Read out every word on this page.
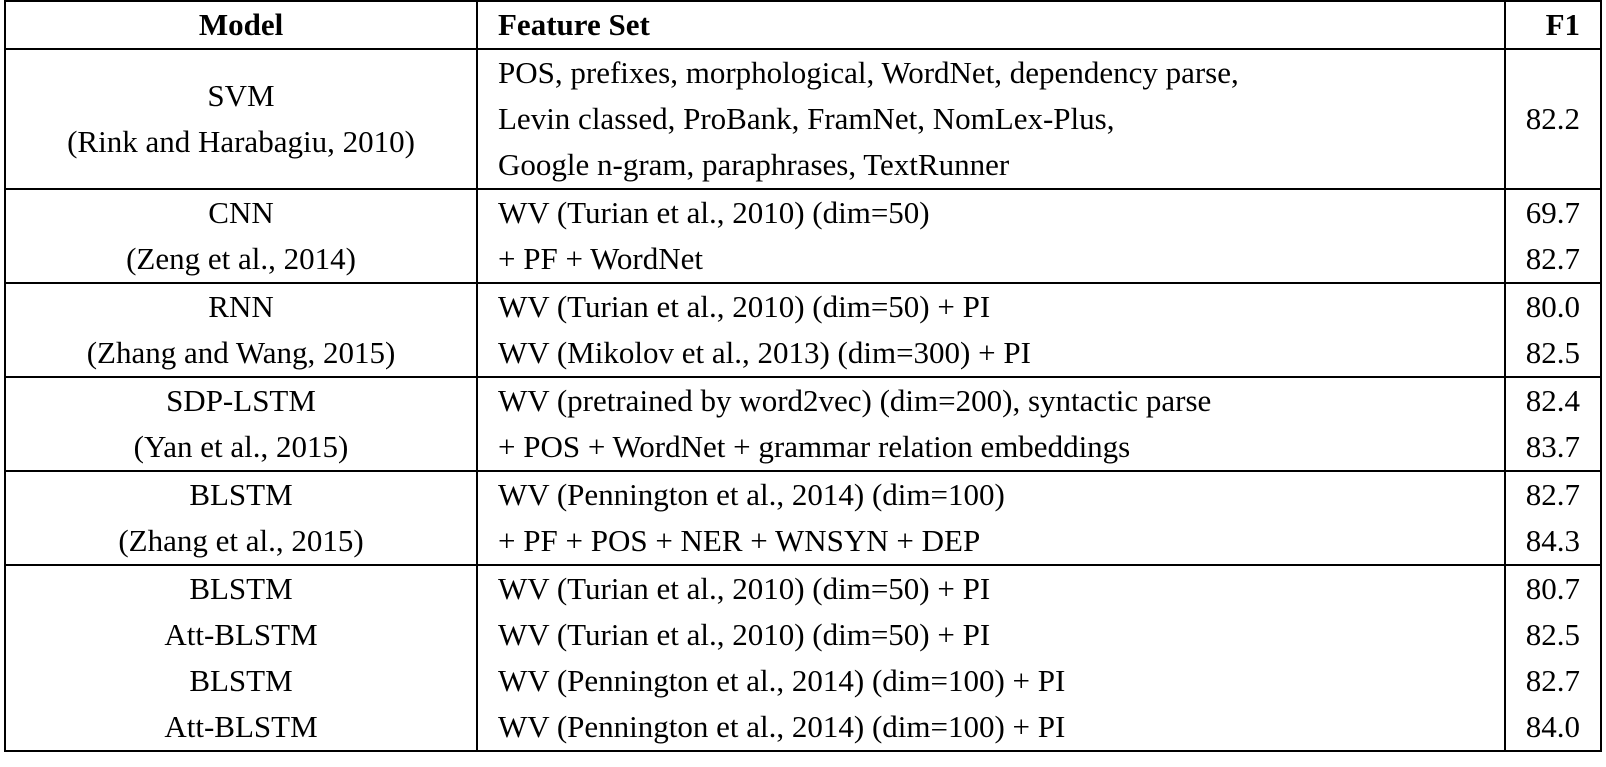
Model	Feature Set	F1

SVM
(Rink and Harabagiu, 2010)	POS, prefixes, morphological, WordNet, dependency parse,
Levin classed, ProBank, FramNet, NomLex-Plus,
Google n-gram, paraphrases, TextRunner	82.2
CNN	WV (Turian et al., 2010) (dim=50)	69.7
(Zeng et al., 2014)	+ PF + WordNet	82.7
RNN	WV (Turian et al., 2010) (dim=50) + PI	80.0
(Zhang and Wang, 2015)	WV (Mikolov et al., 2013) (dim=300) + PI	82.5
SDP-LSTM	WV (pretrained by word2vec) (dim=200), syntactic parse	82.4
(Yan et al., 2015)	+ POS + WordNet + grammar relation embeddings	83.7
BLSTM	WV (Pennington et al., 2014) (dim=100)	82.7
(Zhang et al., 2015)	+ PF + POS + NER + WNSYN + DEP	84.3
BLSTM	WV (Turian et al., 2010) (dim=50) + PI	80.7
Att-BLSTM	WV (Turian et al., 2010) (dim=50) + PI	82.5
BLSTM	WV (Pennington et al., 2014) (dim=100) + PI	82.7
Att-BLSTM	WV (Pennington et al., 2014) (dim=100) + PI	84.0
